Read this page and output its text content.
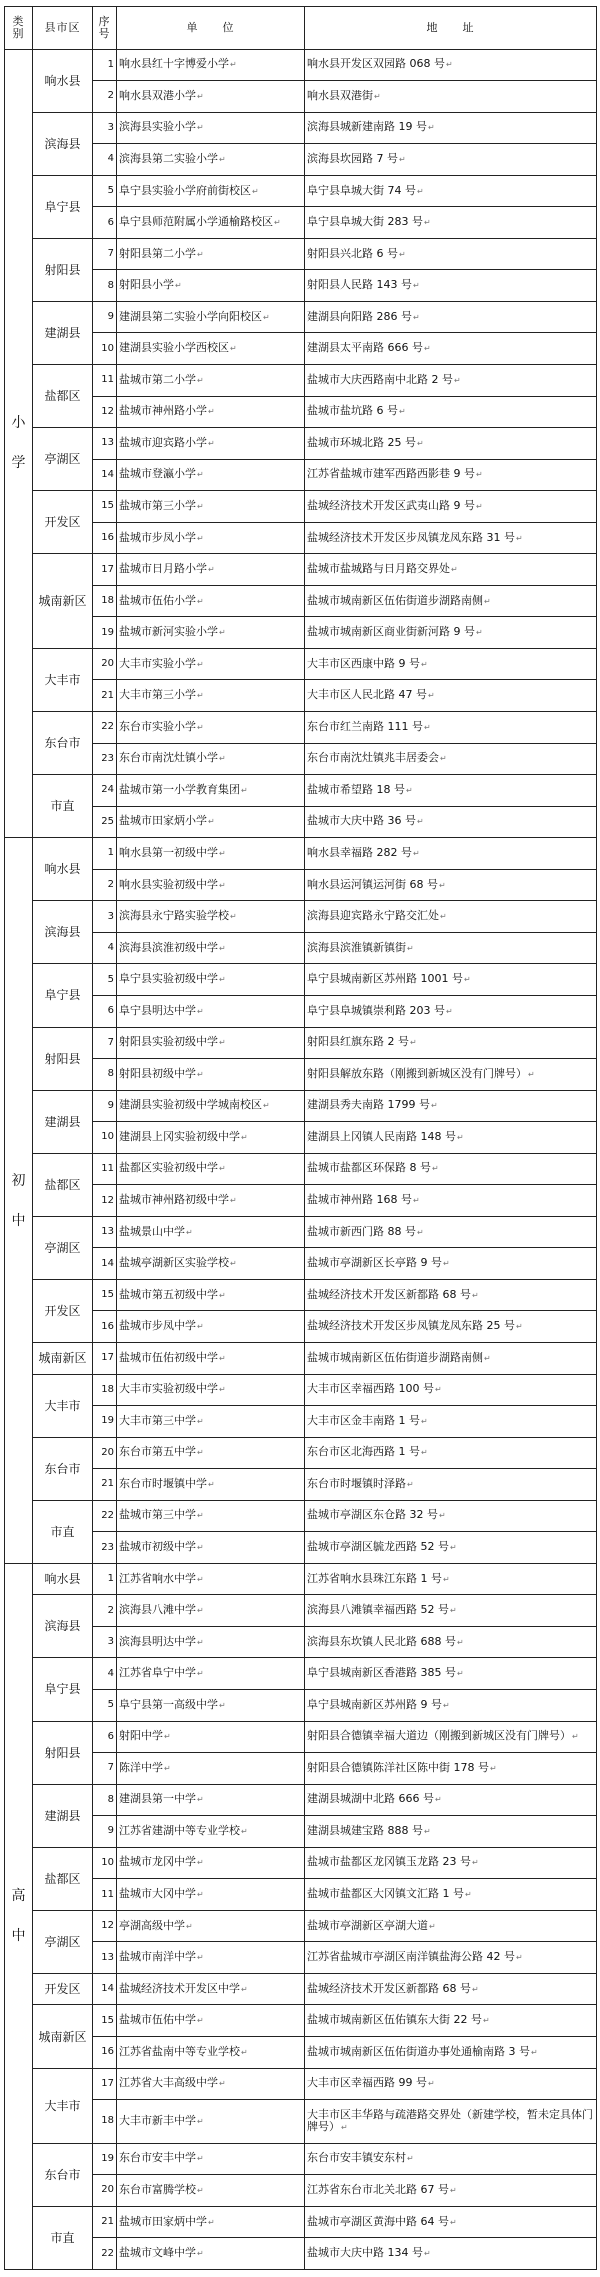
类别	县市区	序号	单　　位	地　　址

小
学	响水县	1	响水县红十字博爱小学↵	响水县开发区双园路 068 号↵
		2	响水县双港小学↵	响水县双港街↵
	滨海县	3	滨海县实验小学↵	滨海县城新建南路 19 号↵
		4	滨海县第二实验小学↵	滨海县坎园路 7 号↵
	阜宁县	5	阜宁县实验小学府前街校区↵	阜宁县阜城大街 74 号↵
		6	阜宁县师范附属小学通榆路校区↵	阜宁县阜城大街 283 号↵
	射阳县	7	射阳县第二小学↵	射阳县兴北路 6 号↵
		8	射阳县小学↵	射阳县人民路 143 号↵
	建湖县	9	建湖县第二实验小学向阳校区↵	建湖县向阳路 286 号↵
		10	建湖县实验小学西校区↵	建湖县太平南路 666 号↵
	盐都区	11	盐城市第二小学↵	盐城市大庆西路南中北路 2 号↵
		12	盐城市神州路小学↵	盐城市盐坑路 6 号↵
	亭湖区	13	盐城市迎宾路小学↵	盐城市环城北路 25 号↵
		14	盐城市登瀛小学↵	江苏省盐城市建军西路西影巷 9 号↵
	开发区	15	盐城市第三小学↵	盐城经济技术开发区武夷山路 9 号↵
		16	盐城市步凤小学↵	盐城经济技术开发区步凤镇龙凤东路 31 号↵
	城南新区	17	盐城市日月路小学↵	盐城市盐城路与日月路交界处↵
		18	盐城市伍佑小学↵	盐城市城南新区伍佑街道步湖路南侧↵
		19	盐城市新河实验小学↵	盐城市城南新区商业街新河路 9 号↵
	大丰市	20	大丰市实验小学↵	大丰市区西康中路 9 号↵
		21	大丰市第三小学↵	大丰市区人民北路 47 号↵
	东台市	22	东台市实验小学↵	东台市红兰南路 111 号↵
		23	东台市南沈灶镇小学↵	东台市南沈灶镇兆丰居委会↵
	市直	24	盐城市第一小学教育集团↵	盐城市希望路 18 号↵
		25	盐城市田家炳小学↵	盐城市大庆中路 36 号↵

初
中	响水县	1	响水县第一初级中学↵	响水县幸福路 282 号↵
		2	响水县实验初级中学↵	响水县运河镇运河街 68 号↵
	滨海县	3	滨海县永宁路实验学校↵	滨海县迎宾路永宁路交汇处↵
		4	滨海县滨淮初级中学↵	滨海县滨淮镇新镇街↵
	阜宁县	5	阜宁县实验初级中学↵	阜宁县城南新区苏州路 1001 号↵
		6	阜宁县明达中学↵	阜宁县阜城镇崇利路 203 号↵
	射阳县	7	射阳县实验初级中学↵	射阳县红旗东路 2 号↵
		8	射阳县初级中学↵	射阳县解放东路（刚搬到新城区没有门牌号）↵
	建湖县	9	建湖县实验初级中学城南校区↵	建湖县秀夫南路 1799 号↵
		10	建湖县上冈实验初级中学↵	建湖县上冈镇人民南路 148 号↵
	盐都区	11	盐都区实验初级中学↵	盐城市盐都区环保路 8 号↵
		12	盐城市神州路初级中学↵	盐城市神州路 168 号↵
	亭湖区	13	盐城景山中学↵	盐城市新西门路 88 号↵
		14	盐城亭湖新区实验学校↵	盐城市亭湖新区长亭路 9 号↵
	开发区	15	盐城市第五初级中学↵	盐城经济技术开发区新都路 68 号↵
		16	盐城市步凤中学↵	盐城经济技术开发区步凤镇龙凤东路 25 号↵
	城南新区	17	盐城市伍佑初级中学↵	盐城市城南新区伍佑街道步湖路南侧↵
	大丰市	18	大丰市实验初级中学↵	大丰市区幸福西路 100 号↵
		19	大丰市第三中学↵	大丰市区金丰南路 1 号↵
	东台市	20	东台市第五中学↵	东台市区北海西路 1 号↵
		21	东台市时堰镇中学↵	东台市时堰镇时泽路↵
	市直	22	盐城市第三中学↵	盐城市亭湖区东仓路 32 号↵
		23	盐城市初级中学↵	盐城市亭湖区毓龙西路 52 号↵

高
中	响水县	1	江苏省响水中学↵	江苏省响水县珠江东路 1 号↵
	滨海县	2	滨海县八滩中学↵	滨海县八滩镇幸福西路 52 号↵
		3	滨海县明达中学↵	滨海县东坎镇人民北路 688 号↵
	阜宁县	4	江苏省阜宁中学↵	阜宁县城南新区香港路 385 号↵
		5	阜宁县第一高级中学↵	阜宁县城南新区苏州路 9 号↵
	射阳县	6	射阳中学↵	射阳县合德镇幸福大道边（刚搬到新城区没有门牌号）↵
		7	陈洋中学↵	射阳县合德镇陈洋社区陈中街 178 号↵
	建湖县	8	建湖县第一中学↵	建湖县城湖中北路 666 号↵
		9	江苏省建湖中等专业学校↵	建湖县城建宝路 888 号↵
	盐都区	10	盐城市龙冈中学↵	盐城市盐都区龙冈镇玉龙路 23 号↵
		11	盐城市大冈中学↵	盐城市盐都区大冈镇文汇路 1 号↵
	亭湖区	12	亭湖高级中学↵	盐城市亭湖新区亭湖大道↵
		13	盐城市南洋中学↵	江苏省盐城市亭湖区南洋镇盐海公路 42 号↵
	开发区	14	盐城经济技术开发区中学↵	盐城经济技术开发区新都路 68 号↵
	城南新区	15	盐城市伍佑中学↵	盐城市城南新区伍佑镇东大街 22 号↵
		16	江苏省盐南中等专业学校↵	盐城市城南新区伍佑街道办事处通榆南路 3 号↵
	大丰市	17	江苏省大丰高级中学↵	大丰市区幸福西路 99 号↵
		18	大丰市新丰中学↵	大丰市区丰华路与疏港路交界处（新建学校，暂未定具体门牌号）↵
	东台市	19	东台市安丰中学↵	东台市安丰镇安东村↵
		20	东台市富腾学校↵	江苏省东台市北关北路 67 号↵
	市直	21	盐城市田家炳中学↵	盐城市亭湖区黄海中路 64 号↵
		22	盐城市文峰中学↵	盐城市大庆中路 134 号↵
